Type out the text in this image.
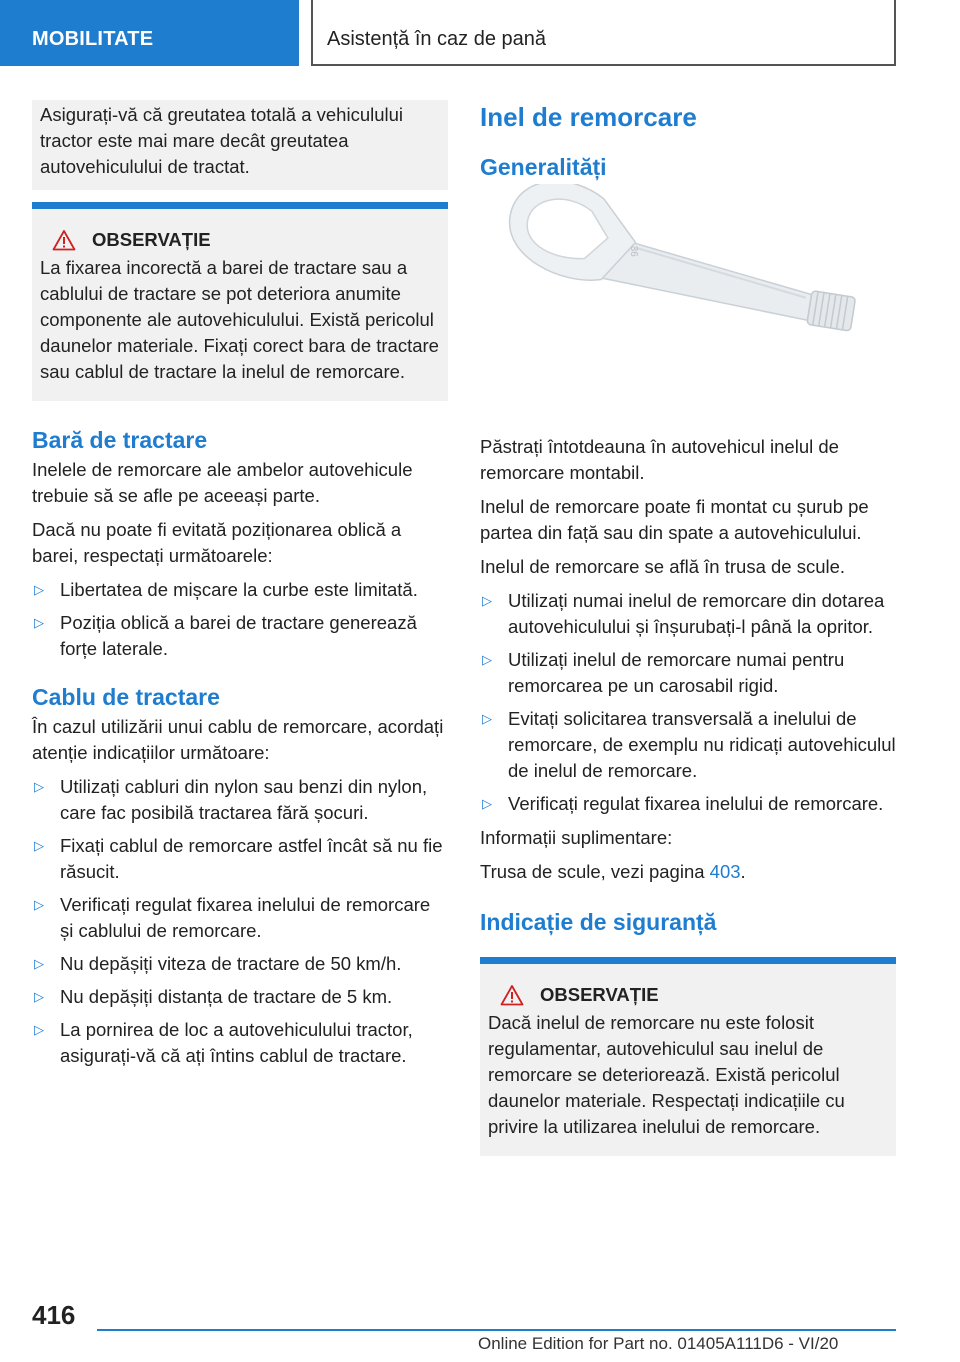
MOBILITATE	Asistență în caz de pană

Asigurați-vă că greutatea totală a vehiculului tractor este mai mare decât greutatea autovehiculului de tractat.

OBSERVAȚIE

La fixarea incorectă a barei de tractare sau a cablului de tractare se pot deteriora anumite componente ale autovehiculului. Există pericolul daunelor materiale. Fixați corect bara de tractare sau cablul de tractare la inelul de remorcare.

Bară de tractare

Inelele de remorcare ale ambelor autovehicule trebuie să se afle pe aceeași parte.

Dacă nu poate fi evitată poziționarea oblică a barei, respectați următoarele:

▷ Libertatea de mișcare la curbe este limitată.
▷ Poziția oblică a barei de tractare generează forțe laterale.
Cablu de tractare

În cazul utilizării unui cablu de remorcare, acordați atenție indicațiilor următoare:

▷ Utilizați cabluri din nylon sau benzi din nylon, care fac posibilă tractarea fără șocuri.
▷ Fixați cablul de remorcare astfel încât să nu fie răsucit.
▷ Verificați regulat fixarea inelului de remorcare și cablului de remorcare.
▷ Nu depășiți viteza de tractare de 50 km/h.
▷ Nu depășiți distanța de tractare de 5 km.
▷ La pornirea de loc a autovehiculului tractor, asigurați-vă că ați întins cablul de tractare.
Inel de remorcare
Generalități
36

Păstrați întotdeauna în autovehicul inelul de remorcare montabil.

Inelul de remorcare poate fi montat cu șurub pe partea din față sau din spate a autovehiculului.

Inelul de remorcare se află în trusa de scule.

▷ Utilizați numai inelul de remorcare din dotarea autovehiculului și înșurubați-l până la opritor.
▷ Utilizați inelul de remorcare numai pentru remorcarea pe un carosabil rigid.
▷ Evitați solicitarea transversală a inelului de remorcare, de exemplu nu ridicați autovehiculul de inelul de remorcare.
▷ Verificați regulat fixarea inelului de remorcare.

Informații suplimentare:

Trusa de scule, vezi pagina 403.

Indicație de siguranță
OBSERVAȚIE

Dacă inelul de remorcare nu este folosit regulamentar, autovehiculul sau inelul de remorcare se deteriorează. Există pericolul daunelor materiale. Respectați indicațiile cu privire la utilizarea inelului de remorcare.

416
Online Edition for Part no. 01405A111D6 - VI/20
